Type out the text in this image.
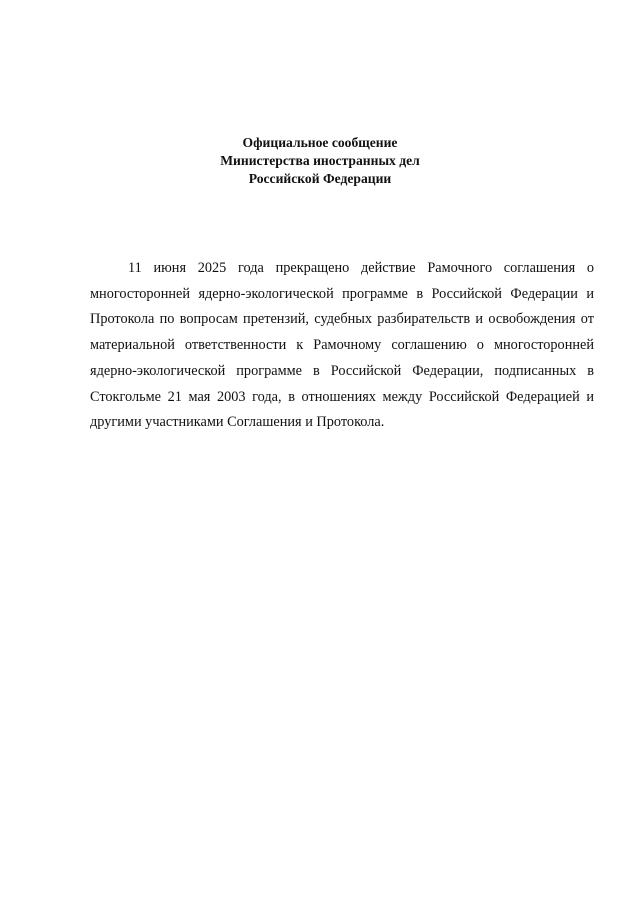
Официальное сообщение
Министерства иностранных дел
Российской Федерации

11 июня 2025 года прекращено действие Рамочного соглашения о многосторонней ядерно-экологической программе в Российской Федерации и Протокола по вопросам претензий, судебных разбирательств и освобождения от материальной ответственности к Рамочному соглашению о многосторонней ядерно-экологической программе в Российской Федерации, подписанных в Стокгольме 21 мая 2003 года, в отношениях между Российской Федерацией и другими участниками Соглашения и Протокола.
